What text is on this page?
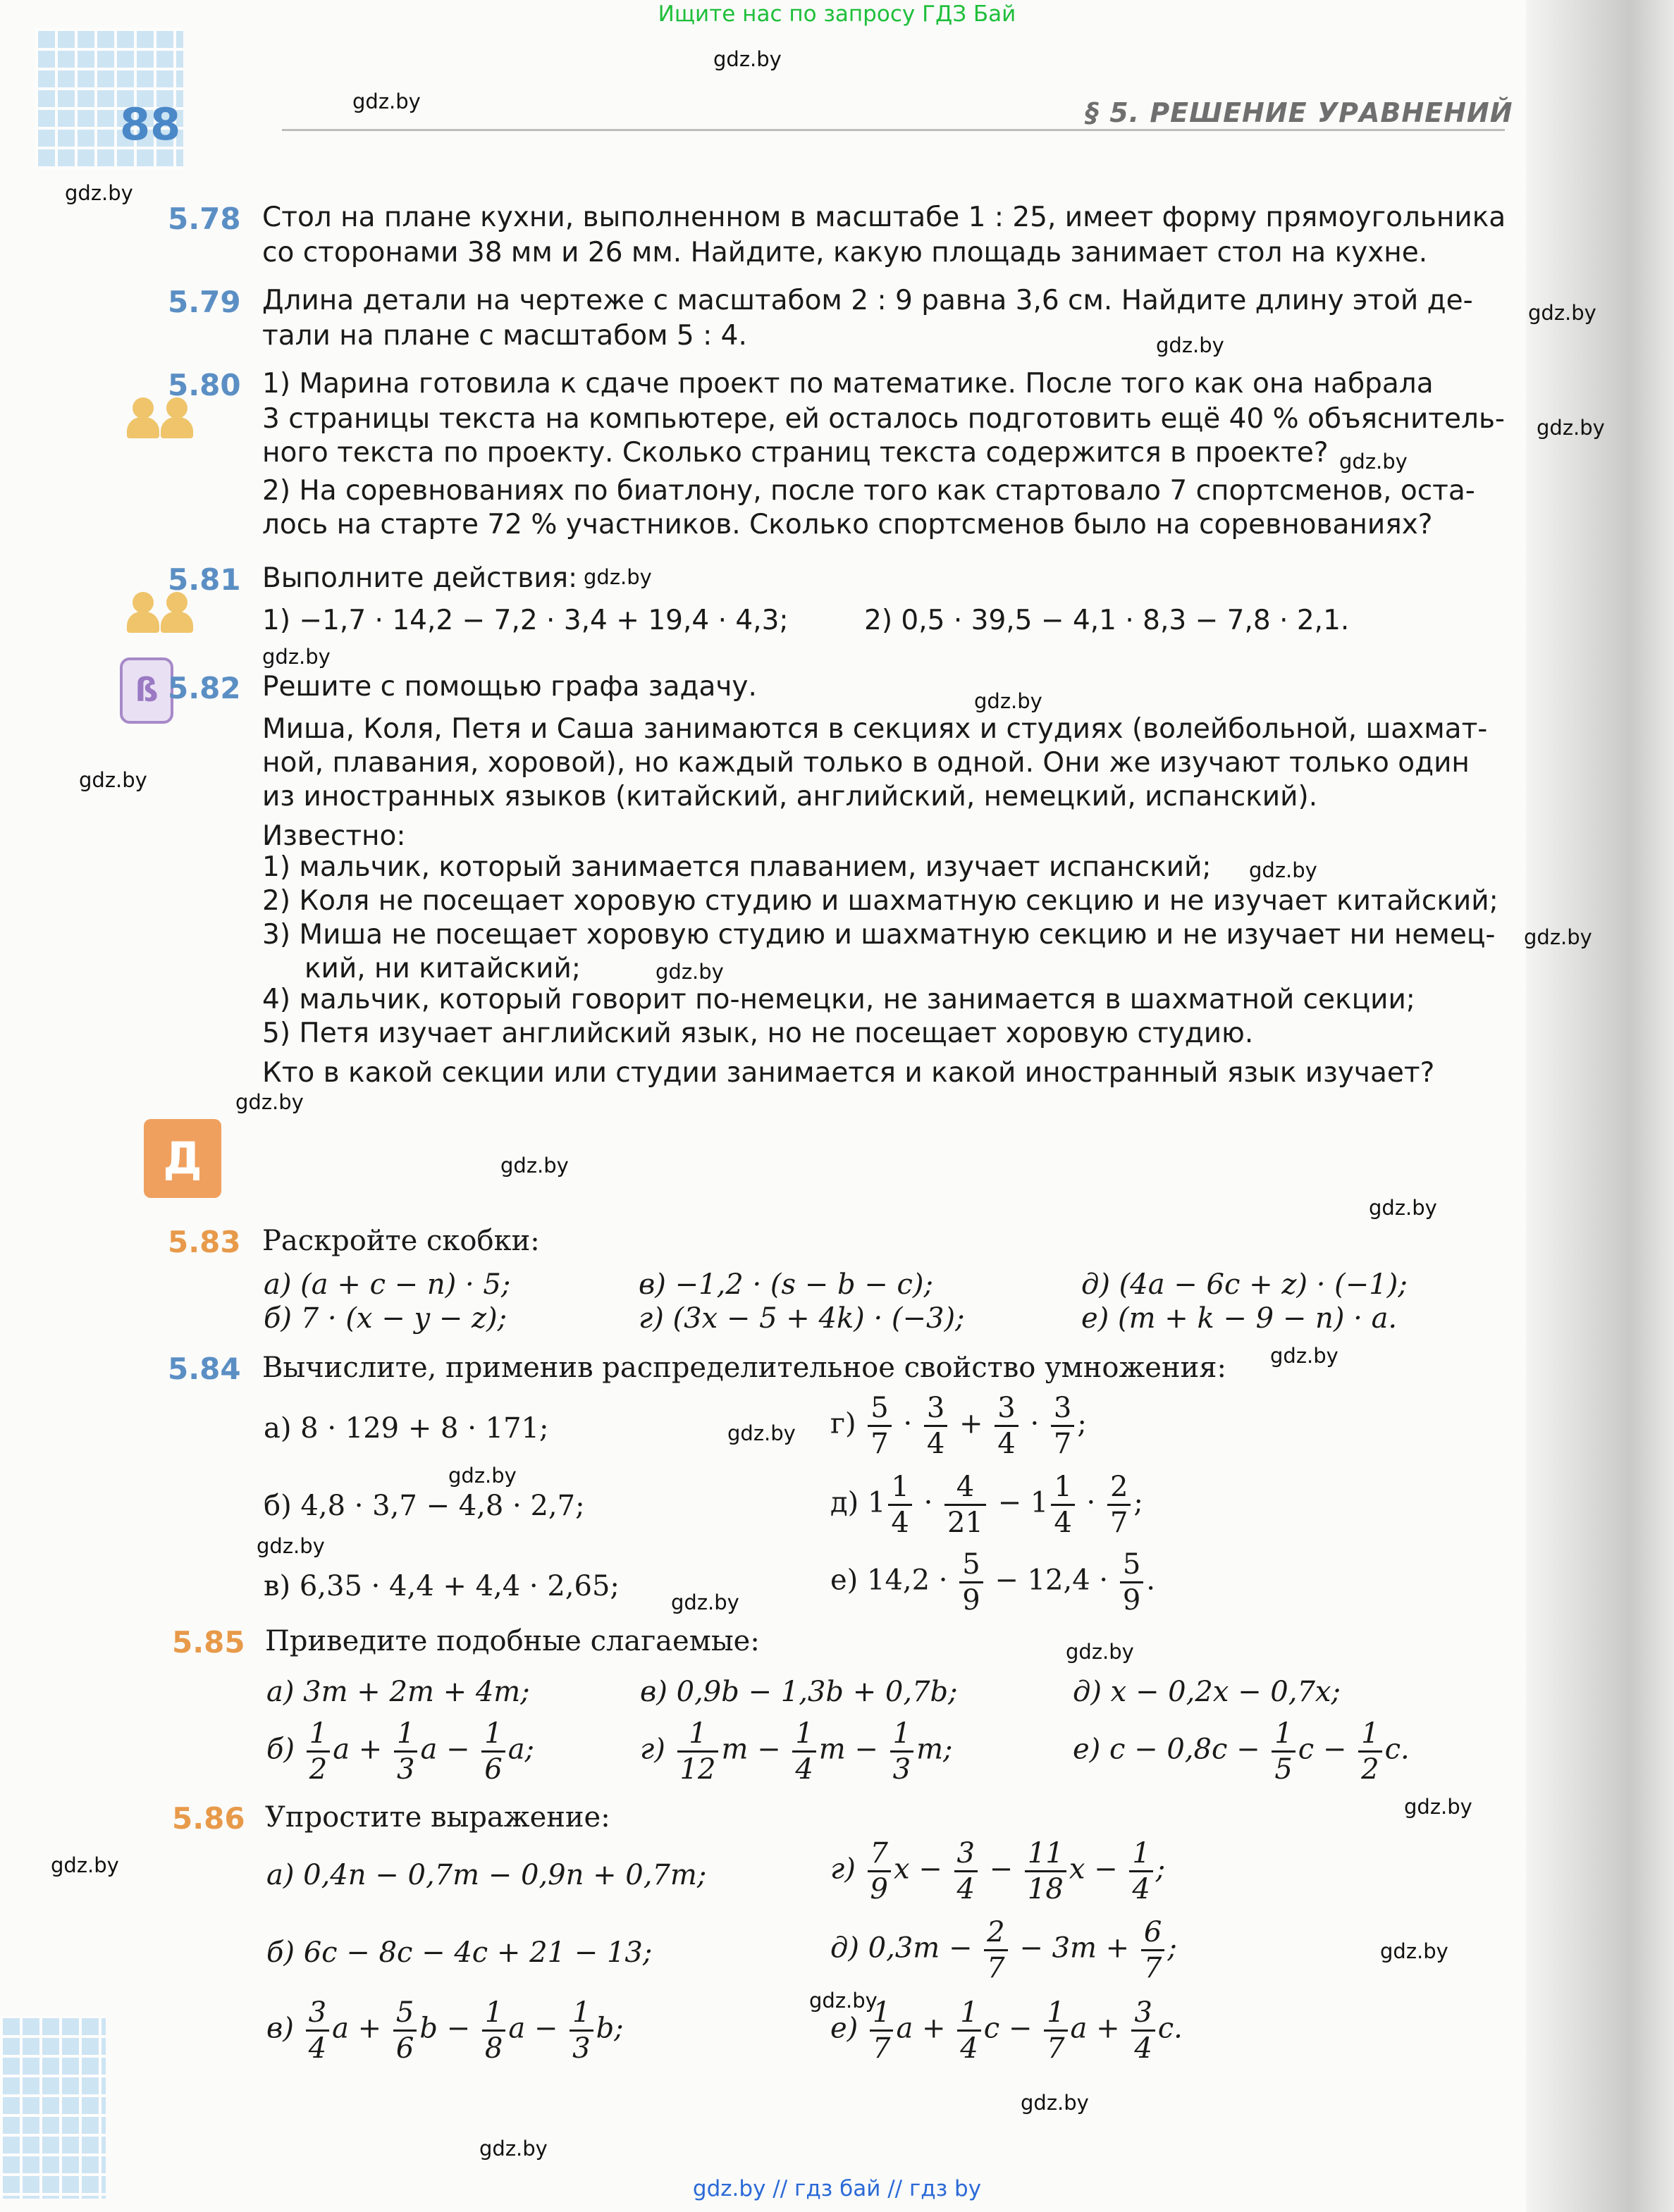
Ищите нас по запросу ГДЗ Бай
88	§ 5. РЕШЕНИЕ УРАВНЕНИЙ
gdz.by
gdz.by
gdz.by
gdz.by
gdz.by
gdz.by
gdz.by
gdz.by
gdz.by
gdz.by
gdz.by
gdz.by
gdz.by
gdz.by
gdz.by
gdz.by
gdz.by
gdz.by
gdz.by
gdz.by
gdz.by
gdz.by
gdz.by
gdz.by
gdz.by
gdz.by
gdz.by
gdz.by
gdz.by
5.78 Стол на плане кухни, выполненном в масштабе 1 : 25, имеет форму прямоугольника
со сторонами 38 мм и 26 мм. Найдите, какую площадь занимает стол на кухне.
5.79 Длина детали на чертеже с масштабом 2 : 9 равна 3,6 см. Найдите длину этой де-
тали на плане с масштабом 5 : 4.
5.80 1) Марина готовила к сдаче проект по математике. После того как она набрала
3 страницы текста на компьютере, ей осталось подготовить ещё 40 % объяснитель-
ного текста по проекту. Сколько страниц текста содержится в проекте?
2) На соревнованиях по биатлону, после того как стартовало 7 спортсменов, оста-
лось на старте 72 % участников. Сколько спортсменов было на соревнованиях?
5.81 Выполните действия:
1) −1,7 · 14,2 − 7,2 · 3,4 + 19,4 · 4,3;	2) 0,5 · 39,5 − 4,1 · 8,3 − 7,8 · 2,1.
ß 5.82 Решите с помощью графа задачу.
Миша, Коля, Петя и Саша занимаются в секциях и студиях (волейбольной, шахмат-
ной, плавания, хоровой), но каждый только в одной. Они же изучают только один
из иностранных языков (китайский, английский, немецкий, испанский).
Известно:
1) мальчик, который занимается плаванием, изучает испанский;
2) Коля не посещает хоровую студию и шахматную секцию и не изучает китайский;
3) Миша не посещает хоровую студию и шахматную секцию и не изучает ни немец-
кий, ни китайский;
4) мальчик, который говорит по-немецки, не занимается в шахматной секции;
5) Петя изучает английский язык, но не посещает хоровую студию.
Кто в какой секции или студии занимается и какой иностранный язык изучает?
Д
5.83 Раскройте скобки:
а) (a + c − n) · 5;	в) −1,2 · (s − b − c);	д) (4a − 6c + z) · (−1);
б) 7 · (x − y − z);	г) (3x − 5 + 4k) · (−3);	е) (m + k − 9 − n) · a.
5.84 Вычислите, применив распределительное свойство умножения:
а) 8 · 129 + 8 · 171;
б) 4,8 · 3,7 − 4,8 · 2,7;
в) 6,35 · 4,4 + 4,4 · 2,65;
$г) \frac{5}{7} \cdot \frac{3}{4} + \frac{3}{4} \cdot \frac{3}{7}$ ;
д) $1 \frac{1}{4} \cdot \frac{4}{21} - 1 \frac{1}{4} \cdot \frac{2}{7}$ ;
е) $14,2 \cdot \frac{5}{9} - 12,4 \cdot \frac{5}{9}$ .
5.85 Приведите подобные слагаемые:
а) 3m + 2m + 4m;	в) 0,9b − 1,3b + 0,7b;	д) x − 0,2x − 0,7x;
$б) \frac{1}{2}$ $a + \frac{1}{3}$ $a - \frac{1}{6} a$;	$г) \frac{1}{12}$ $m - \frac{1}{4}$ $m - \frac{1}{3} m$;	е) $c - 0,8c - \frac{1}{5}$ $c - \frac{1}{2} c$.
5.86 Упростите выражение:
а) 0,4n − 0,7m − 0,9n + 0,7m;
б) 6c − 8c − 4c + 21 − 13;
$г) \frac{7}{9}$ $x - \frac{3}{4} - \frac{11}{18}$ $x - \frac{1}{4}$ ;
д) $0,3m - \frac{2}{7} - 3m + \frac{6}{7}$ ;
$в) \frac{3}{4}$ $a + \frac{5}{6}$ $b - \frac{1}{8}$ $a - \frac{1}{3} b$;	$е) \frac{1}{7}$ $a + \frac{1}{4}$ $c - \frac{1}{7}$ $a + \frac{3}{4} c$.
gdz.by // гдз бай // гдз by
